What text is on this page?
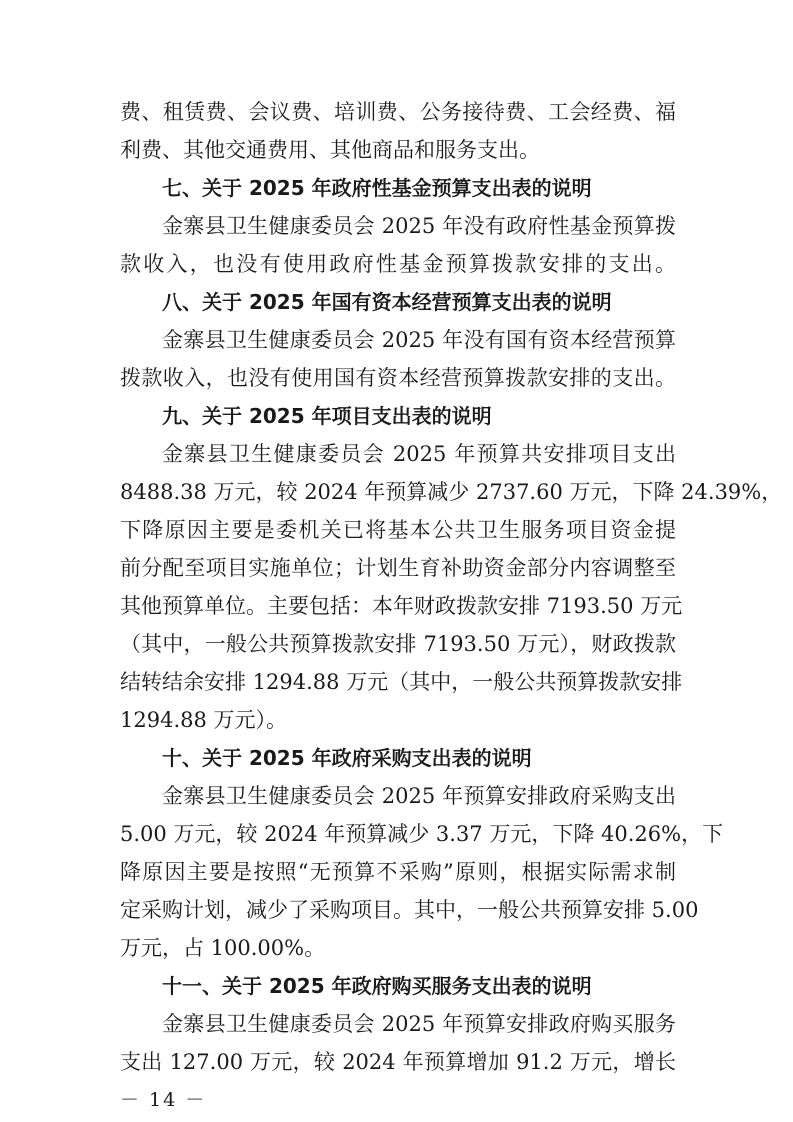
费、租赁费、会议费、培训费、公务接待费、工会经费、福
利费、其他交通费用、其他商品和服务支出。
七、关于 2025 年政府性基金预算支出表的说明
金寨县卫生健康委员会 2025 年没有政府性基金预算拨
款收入，也没有使用政府性基金预算拨款安排的支出。
八、关于 2025 年国有资本经营预算支出表的说明
金寨县卫生健康委员会 2025 年没有国有资本经营预算
拨款收入，也没有使用国有资本经营预算拨款安排的支出。
九、关于 2025 年项目支出表的说明
金寨县卫生健康委员会 2025 年预算共安排项目支出
8488.38 万元，较 2024 年预算减少 2737.60 万元，下降 24.39%，
下降原因主要是委机关已将基本公共卫生服务项目资金提
前分配至项目实施单位；计划生育补助资金部分内容调整至
其他预算单位。主要包括：本年财政拨款安排 7193.50 万元
（其中，一般公共预算拨款安排 7193.50 万元），财政拨款
结转结余安排 1294.88 万元（其中，一般公共预算拨款安排
1294.88 万元）。
十、关于 2025 年政府采购支出表的说明
金寨县卫生健康委员会 2025 年预算安排政府采购支出
5.00 万元，较 2024 年预算减少 3.37 万元，下降 40.26%，下
降原因主要是按照“无预算不采购”原则，根据实际需求制
定采购计划，减少了采购项目。其中，一般公共预算安排 5.00
万元，占 100.00%。
十一、关于 2025 年政府购买服务支出表的说明
金寨县卫生健康委员会 2025 年预算安排政府购买服务
支出 127.00 万元，较 2024 年预算增加 91.2 万元，增长
－ 14 －
